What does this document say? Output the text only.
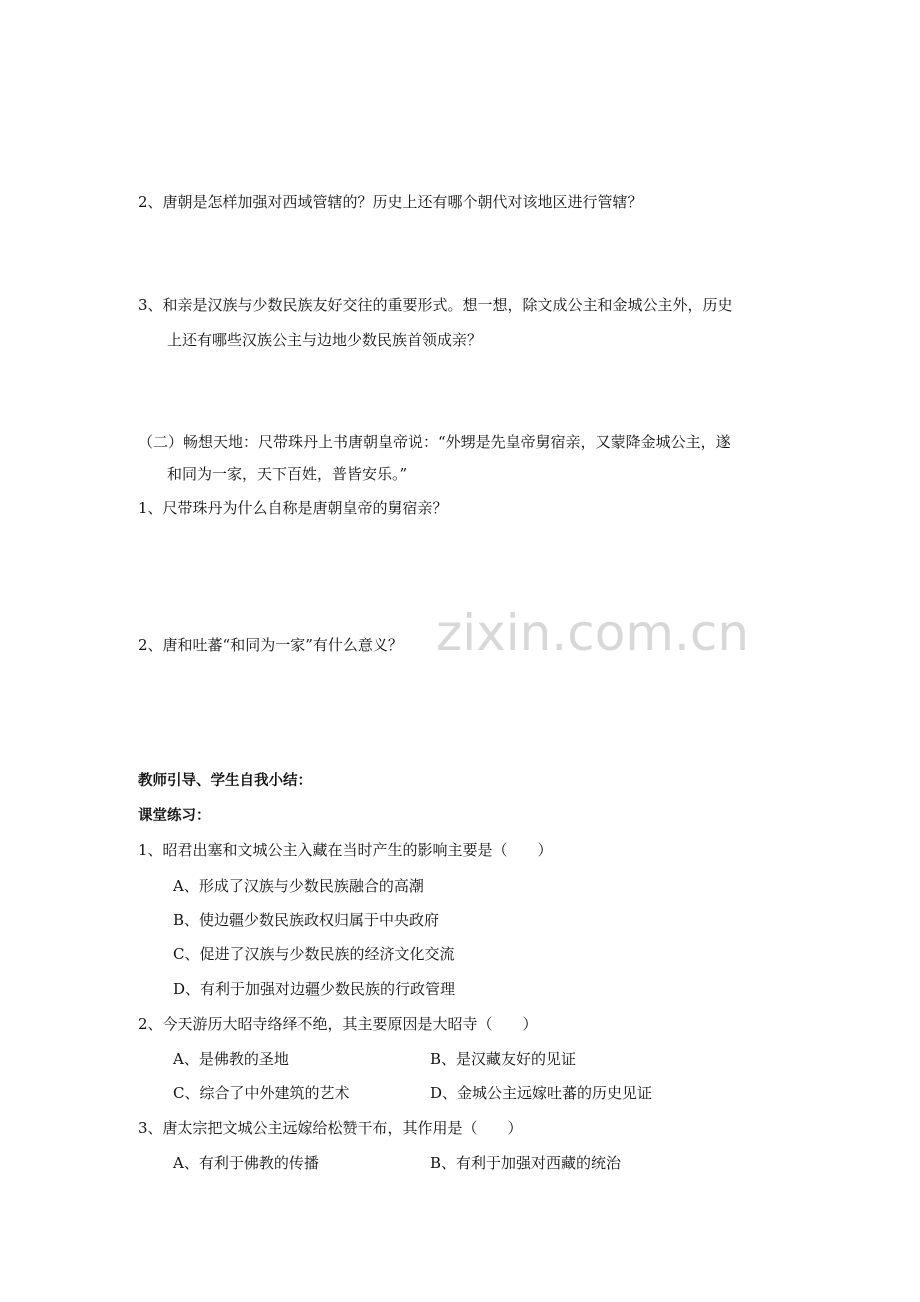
zixin.com.cn
2、唐朝是怎样加强对西域管辖的？历史上还有哪个朝代对该地区进行管辖？
3、和亲是汉族与少数民族友好交往的重要形式。想一想，除文成公主和金城公主外，历史
上还有哪些汉族公主与边地少数民族首领成亲？
（二）畅想天地：尺带珠丹上书唐朝皇帝说：“外甥是先皇帝舅宿亲，又蒙降金城公主，遂
和同为一家，天下百姓，普皆安乐。”
1、尺带珠丹为什么自称是唐朝皇帝的舅宿亲？
2、唐和吐蕃“和同为一家”有什么意义？
教师引导、学生自我小结：
课堂练习：
1、昭君出塞和文城公主入藏在当时产生的影响主要是（　　）
A、形成了汉族与少数民族融合的高潮
B、使边疆少数民族政权归属于中央政府
C、促进了汉族与少数民族的经济文化交流
D、有利于加强对边疆少数民族的行政管理
2、今天游历大昭寺络绎不绝，其主要原因是大昭寺（　　）
A、是佛教的圣地	B、是汉藏友好的见证
C、综合了中外建筑的艺术	D、金城公主远嫁吐蕃的历史见证
3、唐太宗把文城公主远嫁给松赞干布，其作用是（　　）
A、有利于佛教的传播	B、有利于加强对西藏的统治
